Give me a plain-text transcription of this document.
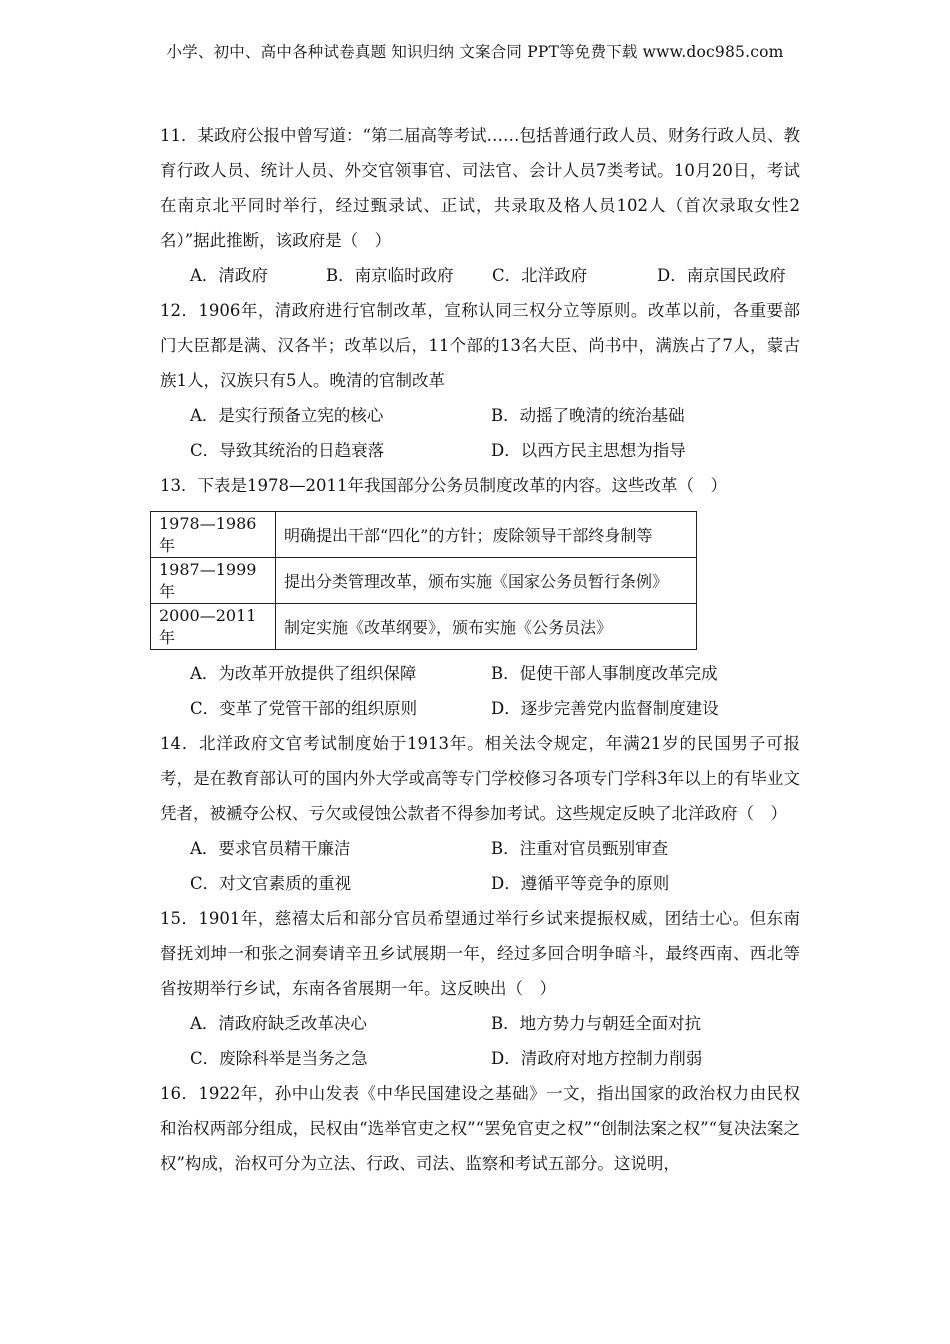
小学、初中、高中各种试卷真题 知识归纳 文案合同 PPT等免费下载 www.doc985.com

11．某政府公报中曾写道：“第二届高等考试……包括普通行政人员、财务行政人员、教育行政人员、统计人员、外交官领事官、司法官、会计人员7类考试。10月20日，考试在南京北平同时举行，经过甄录试、正试，共录取及格人员102人（首次录取女性2名）”据此推断，该政府是（　）

A．清政府	B．南京临时政府	C．北洋政府	D．南京国民政府

12．1906年，清政府进行官制改革，宣称认同三权分立等原则。改革以前，各重要部门大臣都是满、汉各半；改革以后，11个部的13名大臣、尚书中，满族占了7人，蒙古族1人，汉族只有5人。晚清的官制改革

A．是实行预备立宪的核心	B．动摇了晚清的统治基础
C．导致其统治的日趋衰落	D．以西方民主思想为指导

13．下表是1978—2011年我国部分公务员制度改革的内容。这些改革（　）

1978—1986年	明确提出干部“四化”的方针；废除领导干部终身制等
1987—1999年	提出分类管理改革，颁布实施《国家公务员暂行条例》
2000—2011年	制定实施《改革纲要》，颁布实施《公务员法》
A．为改革开放提供了组织保障	B．促使干部人事制度改革完成
C．变革了党管干部的组织原则	D．逐步完善党内监督制度建设

14．北洋政府文官考试制度始于1913年。相关法令规定，年满21岁的民国男子可报考，是在教育部认可的国内外大学或高等专门学校修习各项专门学科3年以上的有毕业文凭者，被褫夺公权、亏欠或侵蚀公款者不得参加考试。这些规定反映了北洋政府（　）

A．要求官员精干廉洁	B．注重对官员甄别审查
C．对文官素质的重视	D．遵循平等竞争的原则

15．1901年，慈禧太后和部分官员希望通过举行乡试来提振权威，团结士心。但东南督抚刘坤一和张之洞奏请辛丑乡试展期一年，经过多回合明争暗斗，最终西南、西北等省按期举行乡试，东南各省展期一年。这反映出（　）

A．清政府缺乏改革决心	B．地方势力与朝廷全面对抗
C．废除科举是当务之急	D．清政府对地方控制力削弱

16．1922年，孙中山发表《中华民国建设之基础》一文，指出国家的政治权力由民权和治权两部分组成，民权由“选举官吏之权”“罢免官吏之权”“创制法案之权”“复决法案之权”构成，治权可分为立法、行政、司法、监察和考试五部分。这说明，
